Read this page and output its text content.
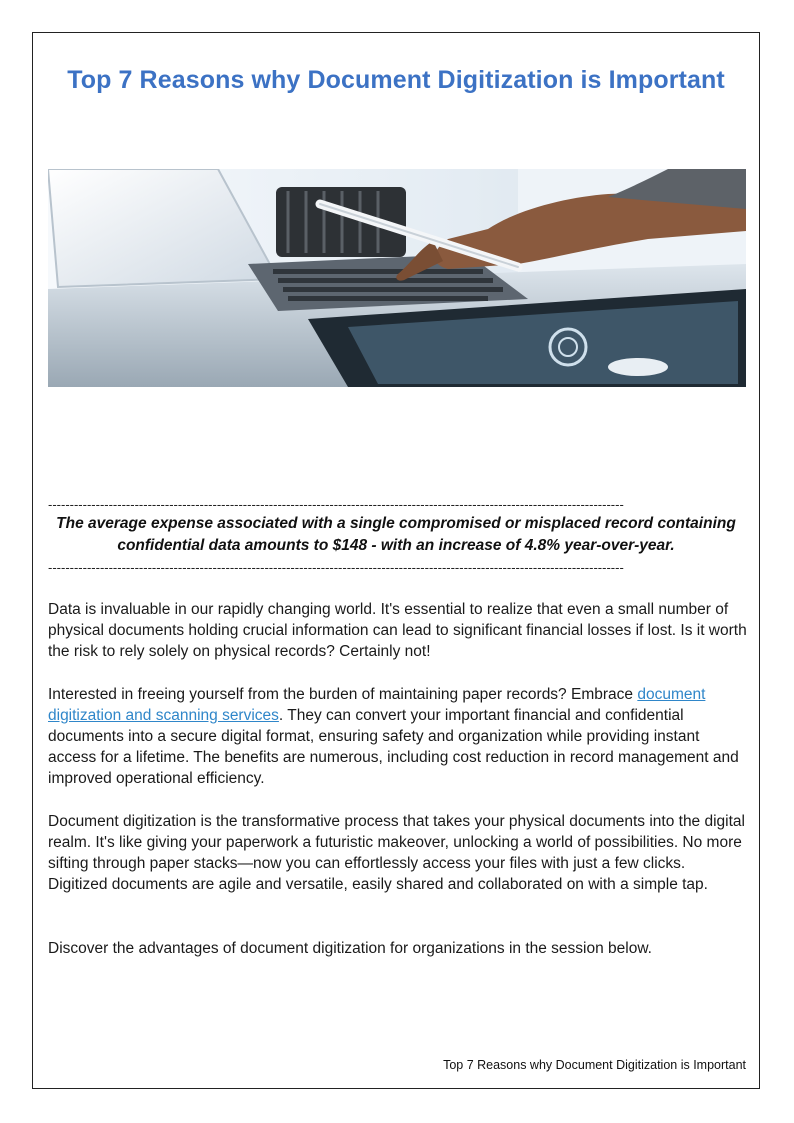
Top 7 Reasons why Document Digitization is Important
-------------------------------------------------------------------------------------------------------------------------------------
The average expense associated with a single compromised or misplaced record containing confidential data amounts to $148 - with an increase of 4.8% year-over-year.
-------------------------------------------------------------------------------------------------------------------------------------
Data is invaluable in our rapidly changing world. It's essential to realize that even a small number of physical documents holding crucial information can lead to significant financial losses if lost. Is it worth the risk to rely solely on physical records? Certainly not!
Interested in freeing yourself from the burden of maintaining paper records? Embrace document digitization and scanning services. They can convert your important financial and confidential documents into a secure digital format, ensuring safety and organization while providing instant access for a lifetime. The benefits are numerous, including cost reduction in record management and improved operational efficiency.
Document digitization is the transformative process that takes your physical documents into the digital realm. It's like giving your paperwork a futuristic makeover, unlocking a world of possibilities. No more sifting through paper stacks—now you can effortlessly access your files with just a few clicks. Digitized documents are agile and versatile, easily shared and collaborated on with a simple tap.
Discover the advantages of document digitization for organizations in the session below.
Top 7 Reasons why Document Digitization is Important
